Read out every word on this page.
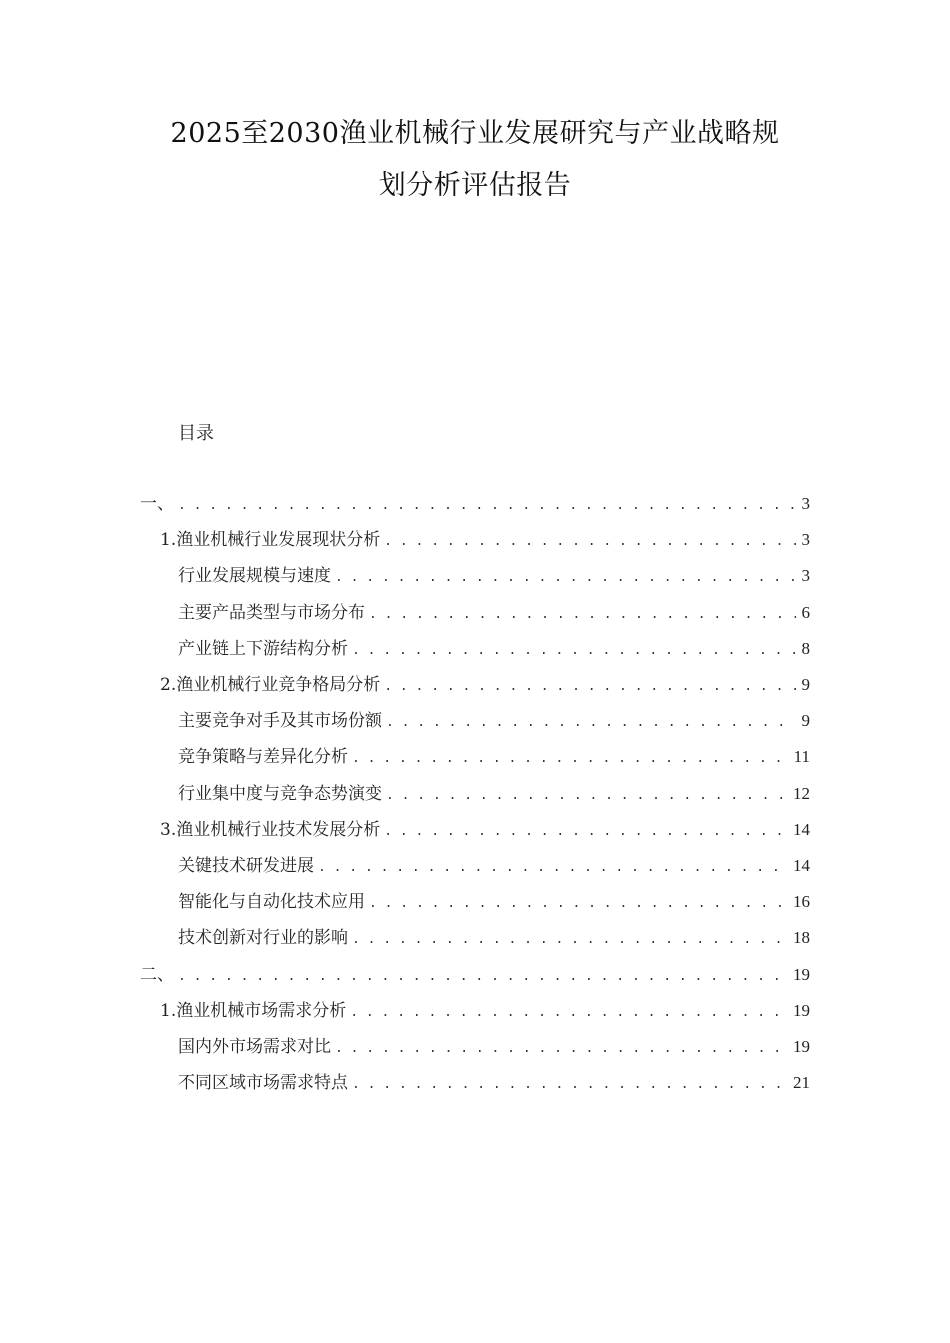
2025至2030渔业机械行业发展研究与产业战略规
划分析评估报告
目录
一、 . . .	3
1. 渔业机械行业发展现状分析 . . .	3
行业发展规模与速度 . . .	3
主要产品类型与市场分布 . . .	6
产业链上下游结构分析 . . .	8
2. 渔业机械行业竞争格局分析 . . .	9
主要竞争对手及其市场份额 . . .	9
竞争策略与差异化分析 . . .	11
行业集中度与竞争态势演变 . . .	12
3. 渔业机械行业技术发展分析 . . .	14
关键技术研发进展 . . .	14
智能化与自动化技术应用 . . .	16
技术创新对行业的影响 . . .	18
二、 . . .	19
1. 渔业机械市场需求分析 . . .	19
国内外市场需求对比 . . .	19
不同区域市场需求特点 . . .	21
